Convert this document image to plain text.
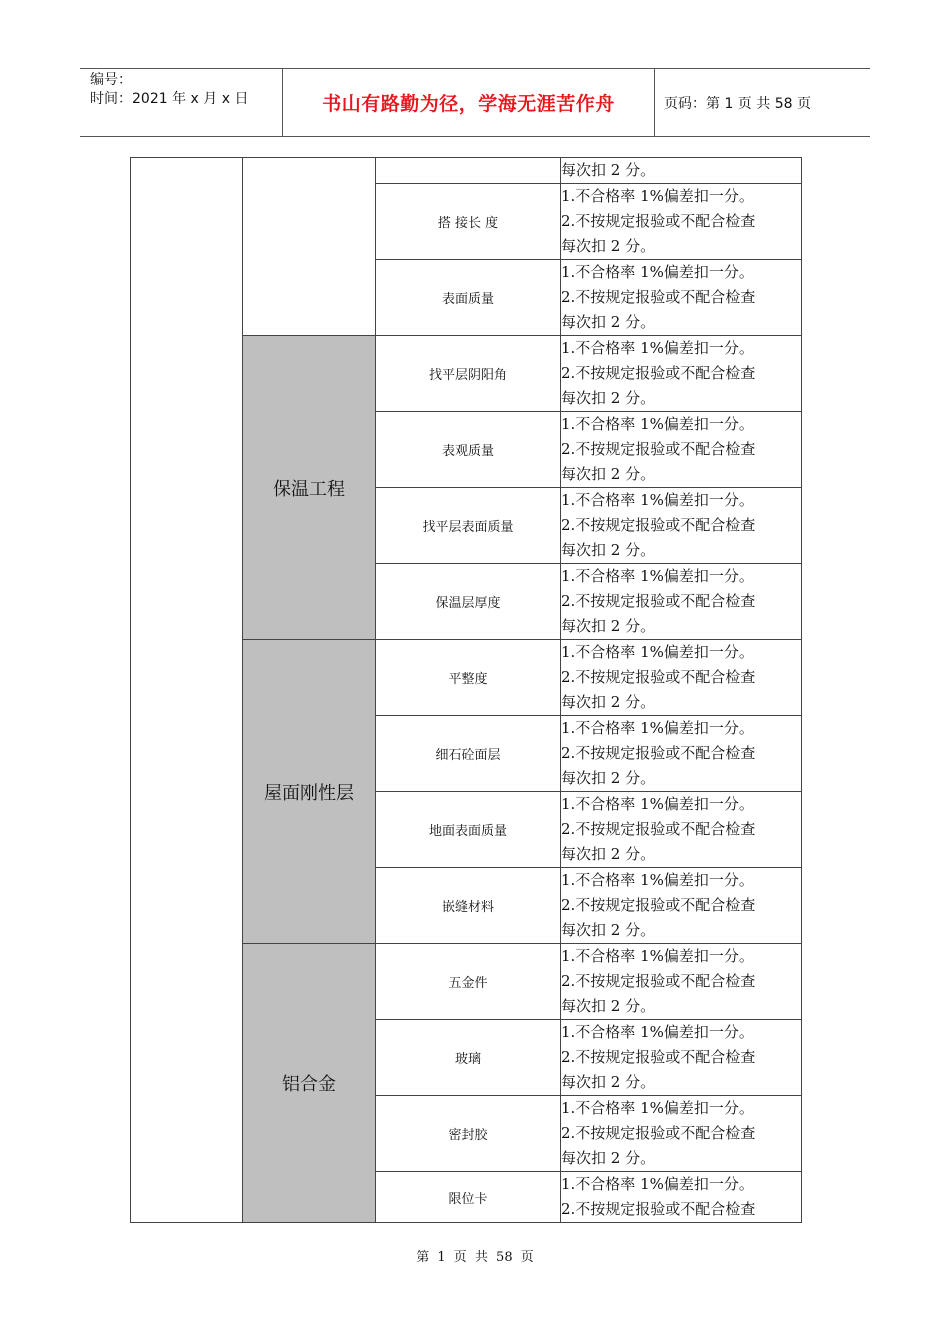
编号：
时间：2021 年 x 月 x 日	书山有路勤为径，学海无涯苦作舟	页码：第 1 页 共 58 页

			每次扣 2 分。

		搭 接长 度	1.不合格率 1%偏差扣一分。
2.不按规定报验或不配合检查
每次扣 2 分。

		表面质量	1.不合格率 1%偏差扣一分。
2.不按规定报验或不配合检查
每次扣 2 分。

	保温工程	找平层阴阳角	1.不合格率 1%偏差扣一分。
2.不按规定报验或不配合检查
每次扣 2 分。

		表观质量	1.不合格率 1%偏差扣一分。
2.不按规定报验或不配合检查
每次扣 2 分。

		找平层表面质量	1.不合格率 1%偏差扣一分。
2.不按规定报验或不配合检查
每次扣 2 分。

		保温层厚度	1.不合格率 1%偏差扣一分。
2.不按规定报验或不配合检查
每次扣 2 分。

	屋面刚性层	平整度	1.不合格率 1%偏差扣一分。
2.不按规定报验或不配合检查
每次扣 2 分。

		细石砼面层	1.不合格率 1%偏差扣一分。
2.不按规定报验或不配合检查
每次扣 2 分。

		地面表面质量	1.不合格率 1%偏差扣一分。
2.不按规定报验或不配合检查
每次扣 2 分。

		嵌缝材料	1.不合格率 1%偏差扣一分。
2.不按规定报验或不配合检查
每次扣 2 分。

	铝合金	五金件	1.不合格率 1%偏差扣一分。
2.不按规定报验或不配合检查
每次扣 2 分。

		玻璃	1.不合格率 1%偏差扣一分。
2.不按规定报验或不配合检查
每次扣 2 分。

		密封胶	1.不合格率 1%偏差扣一分。
2.不按规定报验或不配合检查
每次扣 2 分。

		限位卡	1.不合格率 1%偏差扣一分。
2.不按规定报验或不配合检查
第 1 页 共 58 页
